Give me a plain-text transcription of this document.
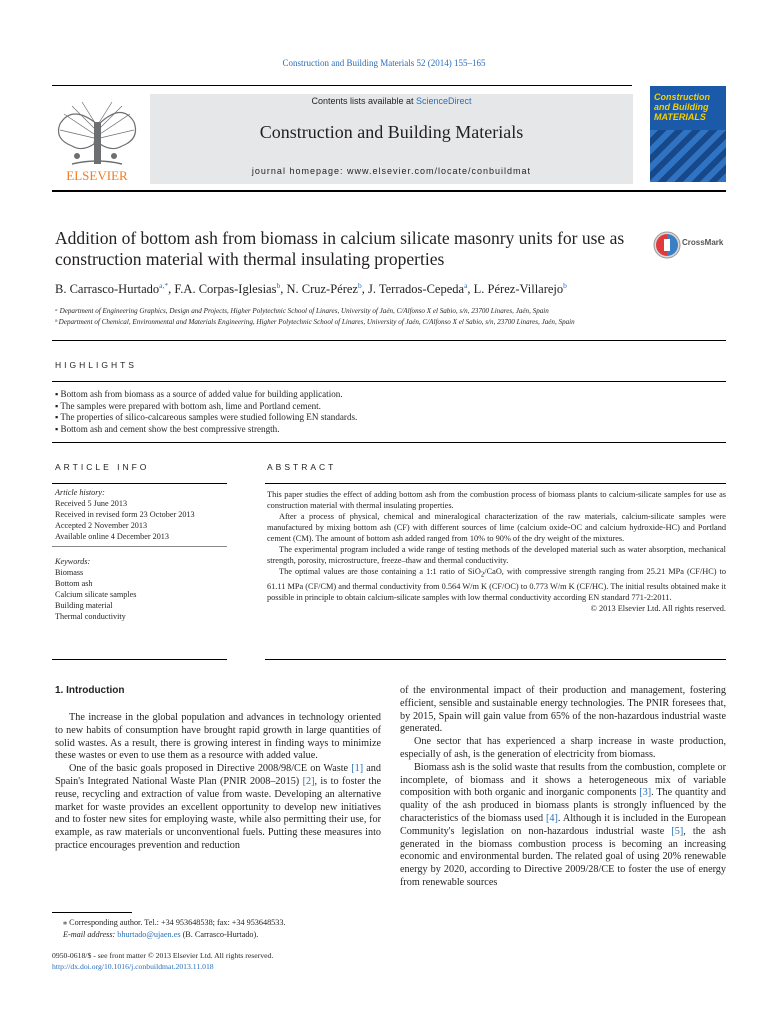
Construction and Building Materials 52 (2014) 155–165
ELSEVIER
Contents lists available at ScienceDirect
Construction and Building Materials
journal homepage: www.elsevier.com/locate/conbuildmat
Construction and Building MATERIALS
Addition of bottom ash from biomass in calcium silicate masonry units for use as construction material with thermal insulating properties
CrossMark
B. Carrasco-Hurtado$^{a,*}$, F.A. Corpas-Iglesias$^b$, N. Cruz-Pérez$^b$, J. Terrados-Cepeda$^a$, L. Pérez-Villarejo$^b$
ᵃ Department of Engineering Graphics, Design and Projects, Higher Polytechnic School of Linares, University of Jaén, C/Alfonso X el Sabio, s/n, 23700 Linares, Jaén, Spain
ᵇ Department of Chemical, Environmental and Materials Engineering, Higher Polytechnic School of Linares, University of Jaén, C/Alfonso X el Sabio, s/n, 23700 Linares, Jaén, Spain
HIGHLIGHTS
▪ Bottom ash from biomass as a source of added value for building application.
▪ The samples were prepared with bottom ash, lime and Portland cement.
▪ The properties of silico-calcareous samples were studied following EN standards.
▪ Bottom ash and cement show the best compressive strength.
ARTICLE INFO	ABSTRACT
Article history:
Received 5 June 2013
Received in revised form 23 October 2013
Accepted 2 November 2013
Available online 4 December 2013
Keywords:
Biomass
Bottom ash
Calcium silicate samples
Building material
Thermal conductivity

This paper studies the effect of adding bottom ash from the combustion process of biomass plants to calcium-silicate samples for use as construction material with thermal insulating properties.

After a process of physical, chemical and mineralogical characterization of the raw materials, calcium-silicate samples were manufactured by mixing bottom ash (CF) with different sources of lime (calcium oxide-OC and calcium hydroxide-HC) and Portland cement (CM). The amount of bottom ash added ranged from 10% to 90% of the dry weight of the mixtures.

The experimental program included a wide range of testing methods of the developed material such as water absorption, mechanical strength, porosity, microstructure, freeze–thaw and thermal conductivity.

The optimal values are those containing a 1:1 ratio of SiO$_2$/CaO, with compressive strength ranging from 25.21 MPa (CF/HC) to 61.11 MPa (CF/CM) and thermal conductivity from 0.564 W/m K (CF/OC) to 0.773 W/m K (CF/HC). The initial results obtained make it possible in principle to obtain calcium-silicate samples with low thermal conductivity according EN standard 771-2:2011.

© 2013 Elsevier Ltd. All rights reserved.

1. Introduction

The increase in the global population and advances in technology oriented to new habits of consumption have brought rapid growth in large quantities of solid wastes. As a result, there is growing interest in finding ways to minimize these wastes or even to use them as a resource with added value.

One of the basic goals proposed in Directive 2008/98/CE on Waste [1] and Spain's Integrated National Waste Plan (PNIR 2008–2015) [2], is to foster the reuse, recycling and extraction of value from waste. Developing an alternative market for waste provides an excellent opportunity to develop new initiatives and to foster new sites for employing waste, while also permitting their use, for example, as raw materials or unconventional fuels. Putting these measures into practice encourages prevention and reduction

of the environmental impact of their production and management, fostering efficient, sensible and sustainable energy technologies. The PNIR foresees that, by 2015, Spain will gain value from 65% of the non-hazardous industrial waste generated.

One sector that has experienced a sharp increase in waste production, especially of ash, is the generation of electricity from biomass.

Biomass ash is the solid waste that results from the combustion, complete or incomplete, of biomass and it shows a heterogeneous mix of variable composition with both organic and inorganic components [3]. The quantity and quality of the ash produced in biomass plants is strongly influenced by the characteristics of the biomass used [4]. Although it is included in the European Community's legislation on non-hazardous industrial waste [5], the ash generated in the biomass combustion process is becoming an increasing economic and environmental burden. The related goal of using 20% renewable energy by 2020, according to Directive 2009/28/CE to foster the use of energy from renewable sources

⁎ Corresponding author. Tel.: +34 953648538; fax: +34 953648533.
E-mail address: bhurtado@ujaen.es (B. Carrasco-Hurtado).
0950-0618/$ - see front matter © 2013 Elsevier Ltd. All rights reserved.
http://dx.doi.org/10.1016/j.conbuildmat.2013.11.018
